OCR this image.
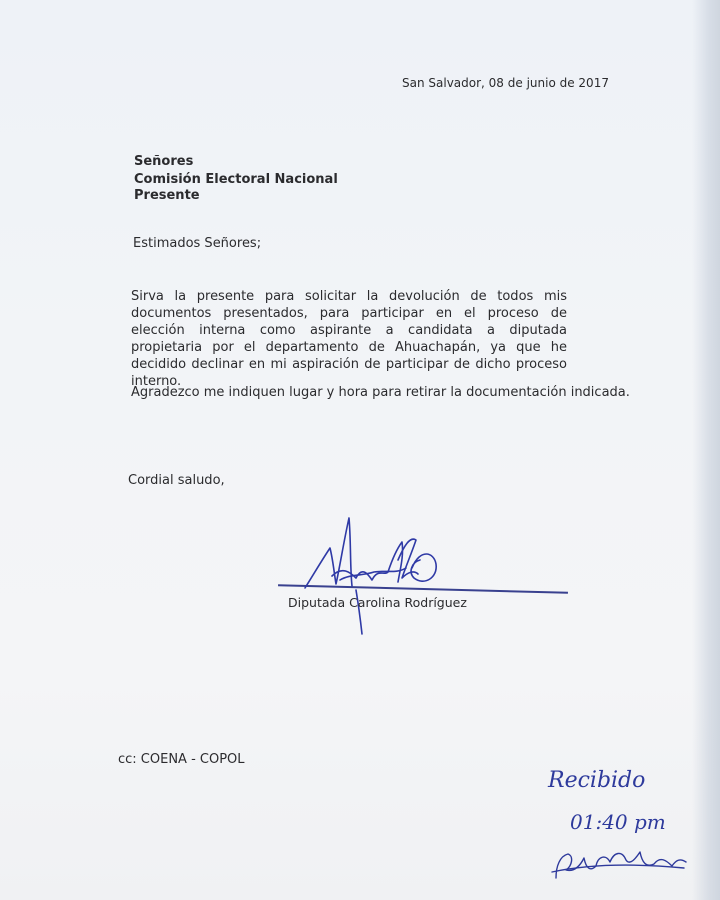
San Salvador, 08 de junio de 2017
Señores
Comisión Electoral Nacional
Presente
Estimados Señores;
Sirva la presente para solicitar la devolución de todos mis documentos presentados, para participar en el proceso de elección interna como aspirante a candidata a diputada propietaria por el departamento de Ahuachapán, ya que he decidido declinar en mi aspiración de participar de dicho proceso interno.
Agradezco me indiquen lugar y hora para retirar la documentación indicada.
Cordial saludo,
Diputada Carolina Rodríguez
cc: COENA - COPOL
Recibido
01:40 pm
